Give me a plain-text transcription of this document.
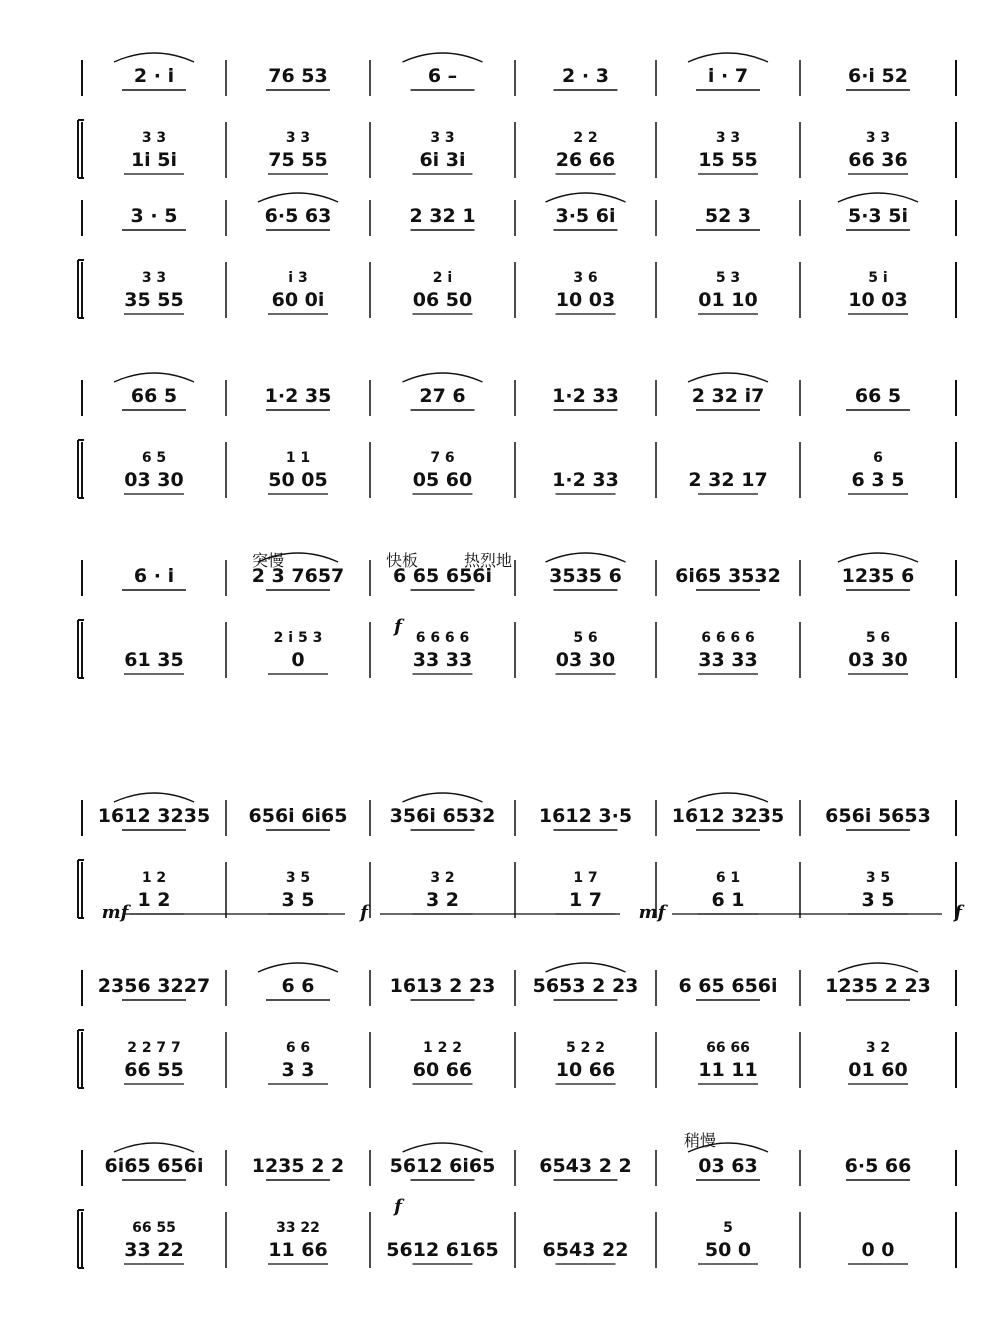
2 · i
3 3
1i 5i
76 53
3 3
75 55
6 –
3 3
6i 3i
2 · 3
2 2
26 66
i · 7
3 3
15 55
6·i 52
3 3
66 36
3 · 5
3 3
35 55
6·5 63
i 3
60 0i
2 32 1
2 i
06 50
3·5 6i
3 6
10 03
52 3
5 3
01 10
5·3 5i
5 i
10 03
66 5
6 5
03 30
1·2 35
1 1
50 05
27 6
7 6
05 60
1·2 33
1·2 33
2 32 i7
2 32 17
66 5
6
6 3 5
6 · i
61 35
2 3 7657
2 i 5 3
0
6 65 656i
6 6 6 6
33 33
3535 6
5 6
03 30
6i65 3532
6 6 6 6
33 33
1235 6
5 6
03 30
1612 3235
1 2
1 2
656i 6i65
3 5
3 5
356i 6532
3 2
3 2
1612 3·5
1 7
1 7
1612 3235
6 1
6 1
656i 5653
3 5
3 5
2356 3227
2 2 7 7
66 55
6 6
6 6
3 3
1613 2 23
1 2 2
60 66
5653 2 23
5 2 2
10 66
6 65 656i
66 66
11 11
1235 2 23
3 2
01 60
6i65 656i
66 55
33 22
1235 2 2
33 22
11 66
5612 6i65
5612 6165
6543 2 2
6543 22
03 63
5
50 0
6·5 66
0 0
突慢	快板	热烈地
稍慢
f
mf	f	mf	f
f
